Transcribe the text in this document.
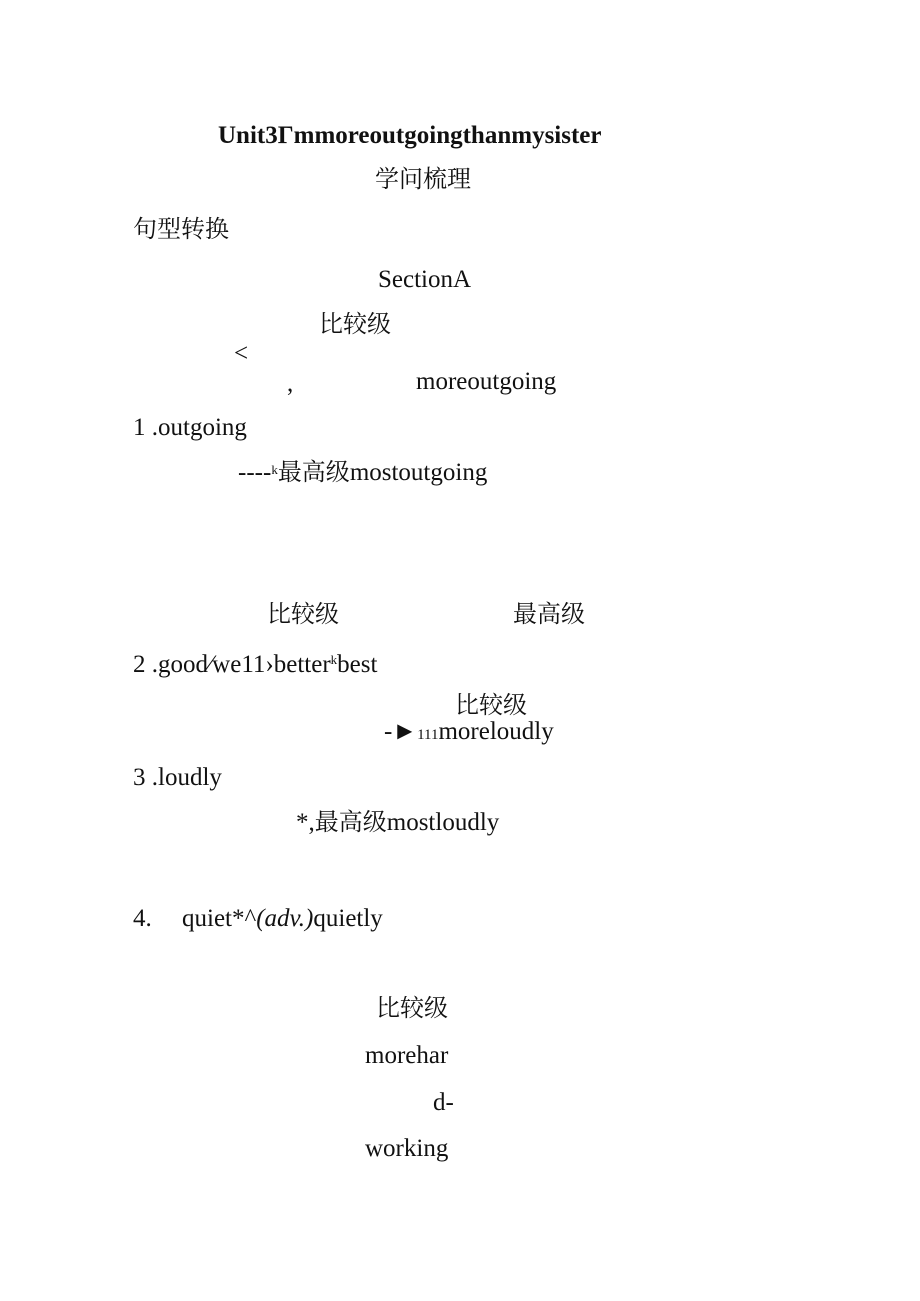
Unit3Γmmoreoutgoingthanmysister
学问梳理
句型转换
SectionA
比较级
<
,	moreoutgoing
1 .outgoing
----$^k$最高级mostoutgoing
比较级	最高级
2 .good⁄we11›better$^k$best
比较级
-►111moreloudly
3 .loudly
*,最高级mostloudly
4. quiet*^(adv.)quietly
比较级
morehar
d-
working
